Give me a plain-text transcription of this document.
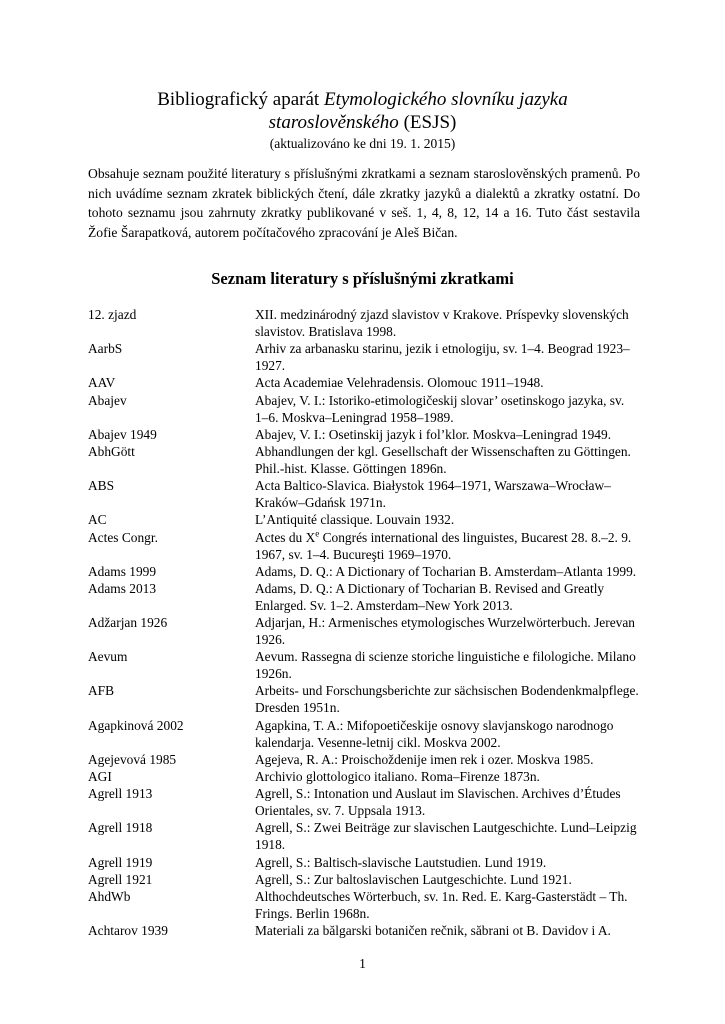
Bibliografický aparát Etymologického slovníku jazyka
staroslověnského (ESJS)
(aktualizováno ke dni 19. 1. 2015)
Obsahuje seznam použité literatury s příslušnými zkratkami a seznam staroslověnských pramenů. Po nich uvádíme seznam zkratek biblických čtení, dále zkratky jazyků a dialektů a zkratky ostatní. Do tohoto seznamu jsou zahrnuty zkratky publikované v seš. 1, 4, 8, 12, 14 a 16. Tuto část sestavila Žofie Šarapatková, autorem počítačového zpracování je Aleš Bičan.
Seznam literatury s příslušnými zkratkami
12. zjazd	XII. medzinárodný zjazd slavistov v Krakove. Príspevky slovenských slavistov. Bratislava 1998.
AarbS	Arhiv za arbanasku starinu, jezik i etnologiju, sv. 1–4. Beograd 1923–1927.
AAV	Acta Academiae Velehradensis. Olomouc 1911–1948.
Abajev	Abajev, V. I.: Istoriko-etimologičeskij slovar’ osetinskogo jazyka, sv. 1–6. Moskva–Leningrad 1958–1989.
Abajev 1949	Abajev, V. I.: Osetinskij jazyk i fol’klor. Moskva–Leningrad 1949.
AbhGött	Abhandlungen der kgl. Gesellschaft der Wissenschaften zu Göttingen. Phil.-hist. Klasse. Göttingen 1896n.
ABS	Acta Baltico-Slavica. Białystok 1964–1971, Warszawa–Wrocław–Kraków–Gdańsk 1971n.
AC	L’Antiquité classique. Louvain 1932.
Actes Congr.	Actes du Xe Congrés international des linguistes, Bucarest 28. 8.–2. 9. 1967, sv. 1–4. Bucureşti 1969–1970.
Adams 1999	Adams, D. Q.: A Dictionary of Tocharian B. Amsterdam–Atlanta 1999.
Adams 2013	Adams, D. Q.: A Dictionary of Tocharian B. Revised and Greatly Enlarged. Sv. 1–2. Amsterdam–New York 2013.
Adžarjan 1926	Adjarjan, H.: Armenisches etymologisches Wurzelwörterbuch. Jerevan 1926.
Aevum	Aevum. Rassegna di scienze storiche linguistiche e filologiche. Milano 1926n.
AFB	Arbeits- und Forschungsberichte zur sächsischen Bodendenkmalpflege. Dresden 1951n.
Agapkinová 2002	Agapkina, T. A.: Mifopoetičeskije osnovy slavjanskogo narodnogo kalendarja. Vesenne-letnij cikl. Moskva 2002.
Agejevová 1985	Agejeva, R. A.: Proischoždenije imen rek i ozer. Moskva 1985.
AGI	Archivio glottologico italiano. Roma–Firenze 1873n.
Agrell 1913	Agrell, S.: Intonation und Auslaut im Slavischen. Archives d’Études Orientales, sv. 7. Uppsala 1913.
Agrell 1918	Agrell, S.: Zwei Beiträge zur slavischen Lautgeschichte. Lund–Leipzig 1918.
Agrell 1919	Agrell, S.: Baltisch-slavische Lautstudien. Lund 1919.
Agrell 1921	Agrell, S.: Zur baltoslavischen Lautgeschichte. Lund 1921.
AhdWb	Althochdeutsches Wörterbuch, sv. 1n. Red. E. Karg-Gasterstädt – Th. Frings. Berlin 1968n.
Achtarov 1939	Materiali za bălgarski botaničen rečnik, săbrani ot B. Davidov i A.
1
